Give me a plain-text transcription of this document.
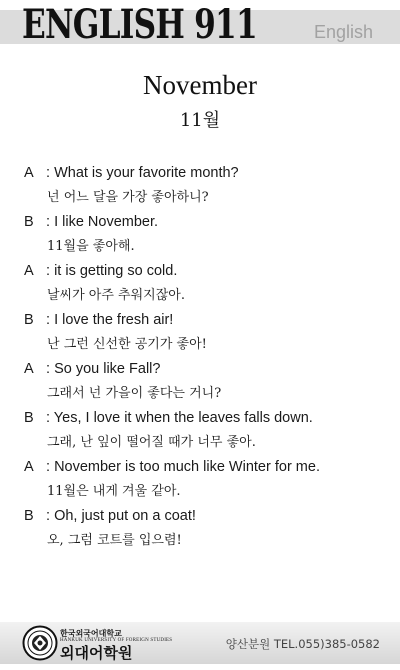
ENGLISH 911	English
November
11월
A : What is your favorite month?
넌 어느 달을 가장 좋아하니?
B : I like November.
11월을 좋아해.
A : it is getting so cold.
날씨가 아주 추워지잖아.
B : I love the fresh air!
난 그런 신선한 공기가 좋아!
A : So you like Fall?
그래서 넌 가을이 좋다는 거니?
B : Yes, I love it when the leaves falls down.
그래, 난 잎이 떨어질 때가 너무 좋아.
A : November is too much like Winter for me.
11월은 내게 겨울 같아.
B : Oh, just put on a coat!
오, 그럼 코트를 입으렴!
한국외국어대학교
HANKUK UNIVERSITY OF FOREIGN STUDIES
외대어학원	양산분원 TEL.055)385-0582
